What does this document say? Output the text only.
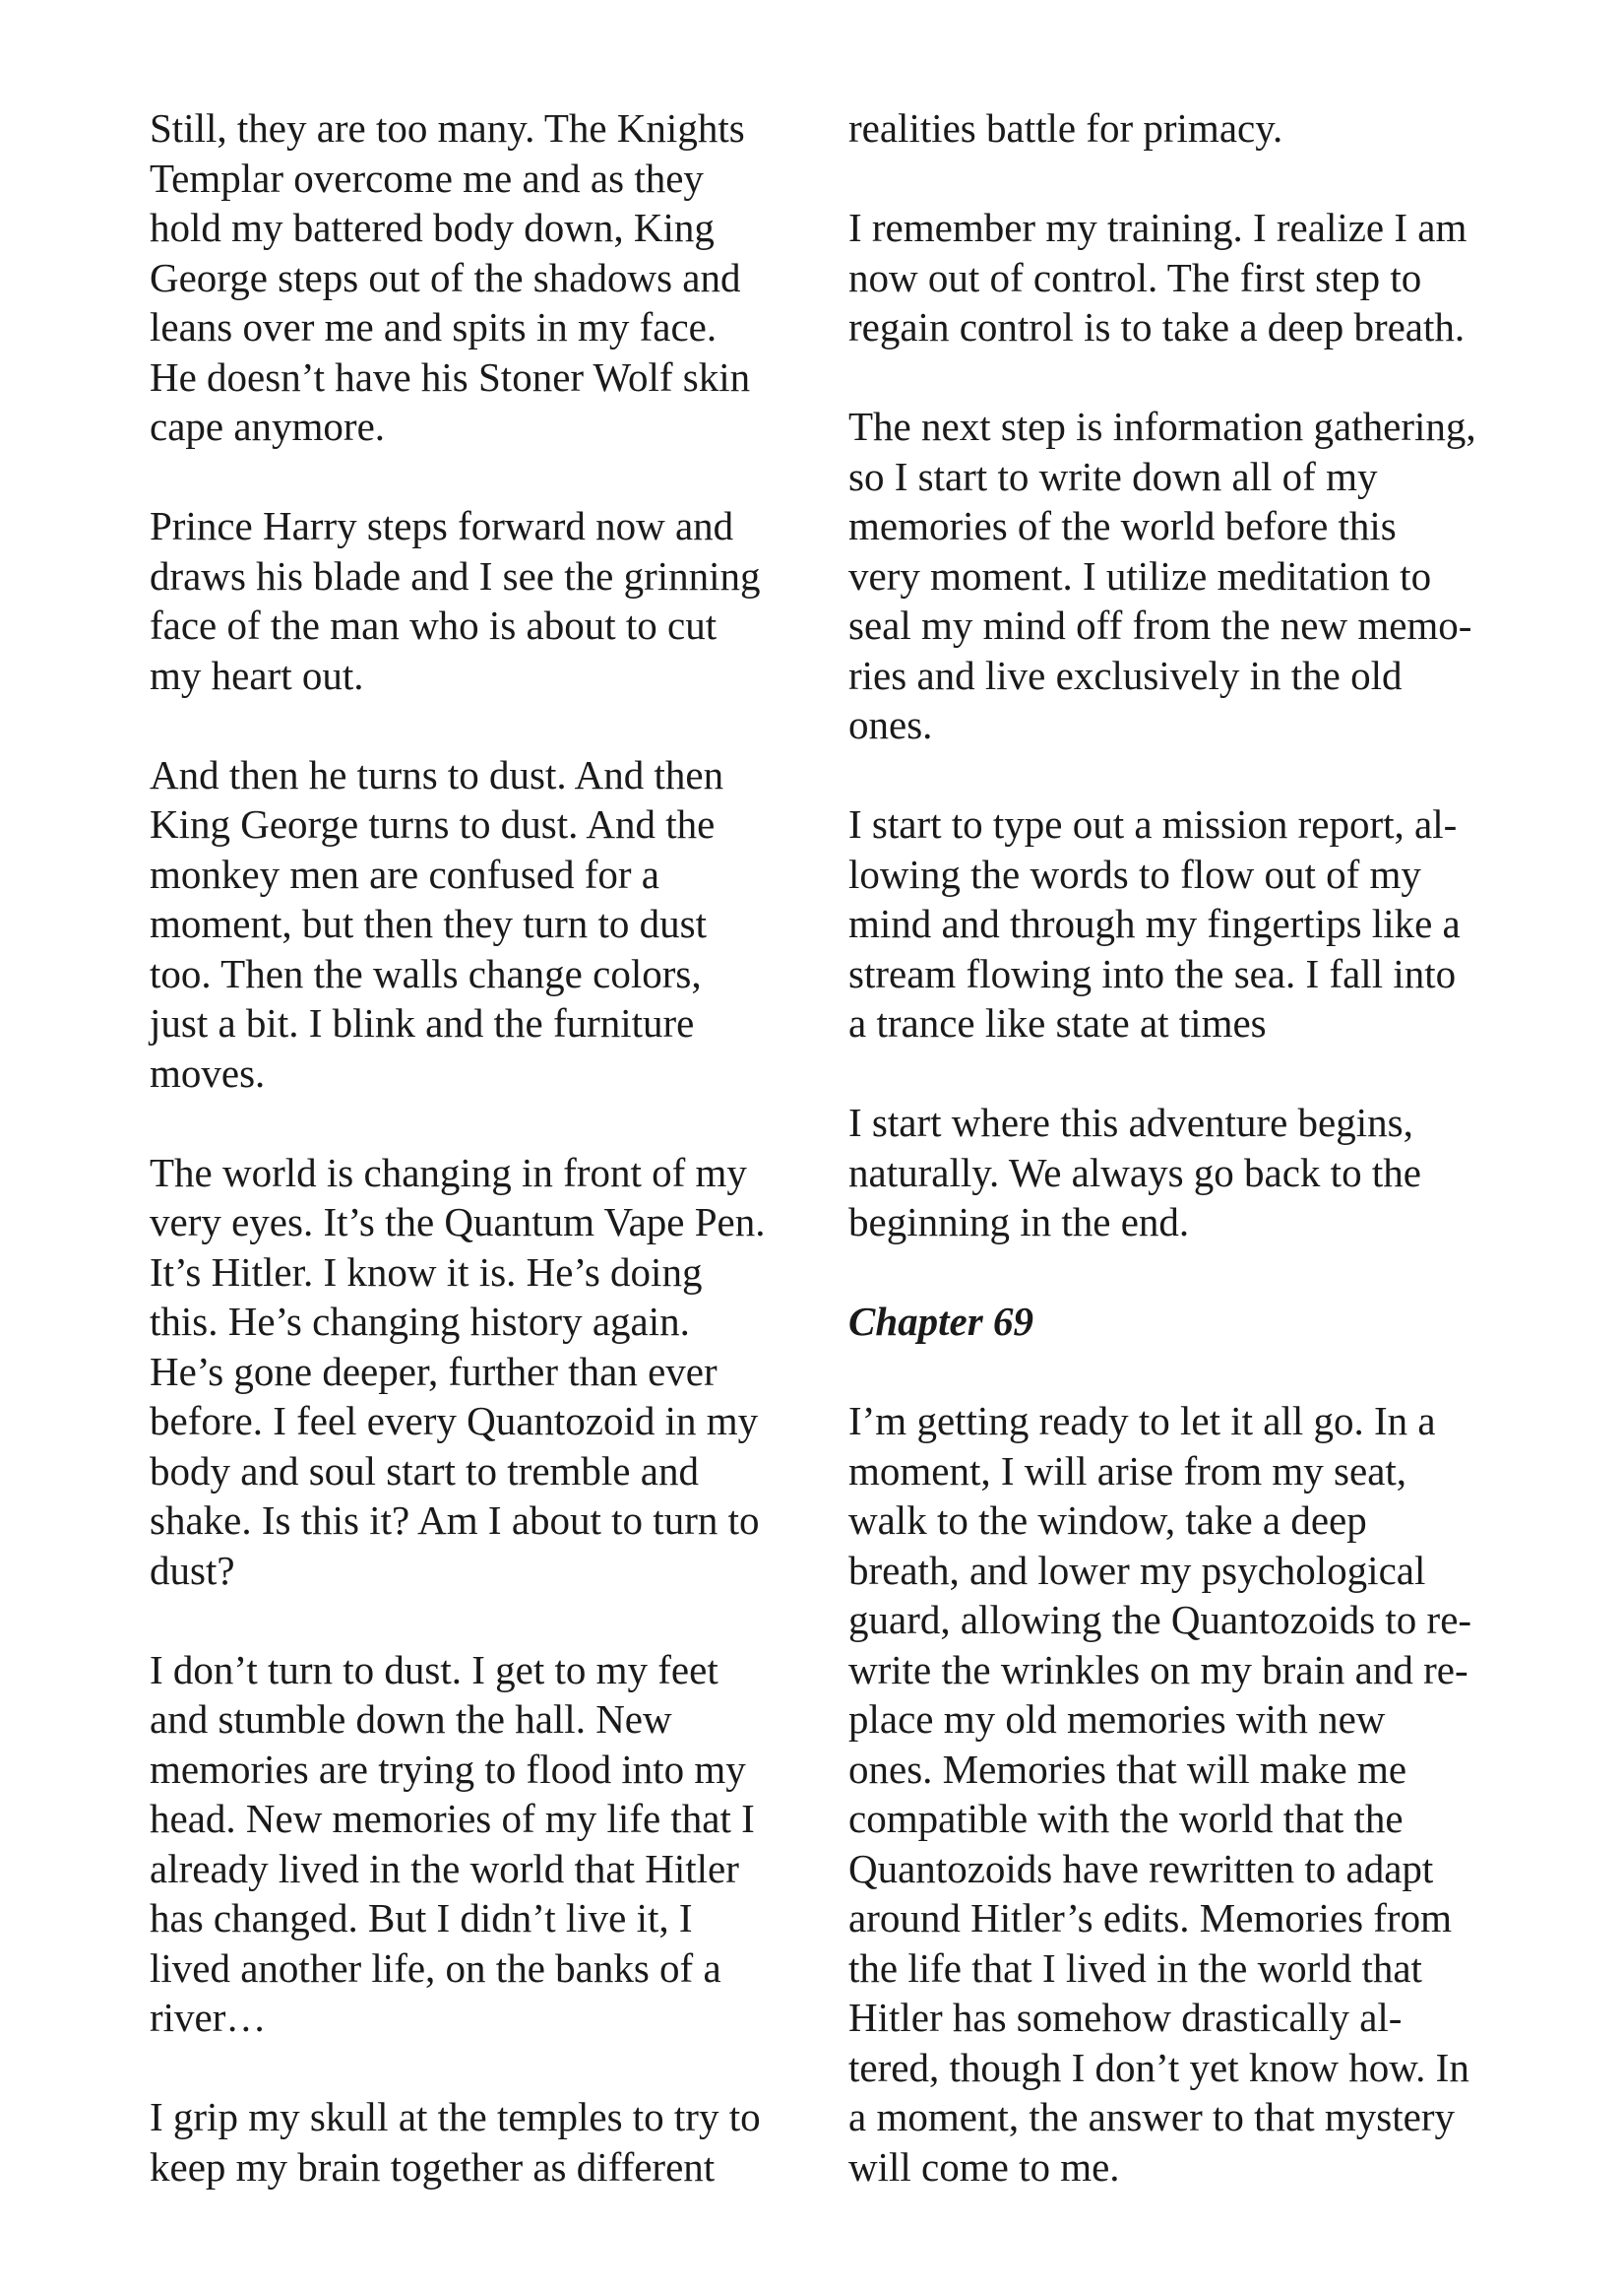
Still, they are too many. The Knights
Templar overcome me and as they
hold my battered body down, King
George steps out of the shadows and
leans over me and spits in my face.
He doesn’t have his Stoner Wolf skin
cape anymore.
Prince Harry steps forward now and
draws his blade and I see the grinning
face of the man who is about to cut
my heart out.
And then he turns to dust. And then
King George turns to dust. And the
monkey men are confused for a
moment, but then they turn to dust
too. Then the walls change colors,
just a bit. I blink and the furniture
moves.
The world is changing in front of my
very eyes. It’s the Quantum Vape Pen.
It’s Hitler. I know it is. He’s doing
this. He’s changing history again.
He’s gone deeper, further than ever
before. I feel every Quantozoid in my
body and soul start to tremble and
shake. Is this it? Am I about to turn to
dust?
I don’t turn to dust. I get to my feet
and stumble down the hall. New
memories are trying to flood into my
head. New memories of my life that I
already lived in the world that Hitler
has changed. But I didn’t live it, I
lived another life, on the banks of a
river…
I grip my skull at the temples to try to
keep my brain together as different
realities battle for primacy.
I remember my training. I realize I am
now out of control. The first step to
regain control is to take a deep breath.
The next step is information gathering,
so I start to write down all of my
memories of the world before this
very moment. I utilize meditation to
seal my mind off from the new memo-
ries and live exclusively in the old
ones.
I start to type out a mission report, al-
lowing the words to flow out of my
mind and through my fingertips like a
stream flowing into the sea. I fall into
a trance like state at times
I start where this adventure begins,
naturally. We always go back to the
beginning in the end.
Chapter 69
I’m getting ready to let it all go. In a
moment, I will arise from my seat,
walk to the window, take a deep
breath, and lower my psychological
guard, allowing the Quantozoids to re-
write the wrinkles on my brain and re-
place my old memories with new
ones. Memories that will make me
compatible with the world that the
Quantozoids have rewritten to adapt
around Hitler’s edits. Memories from
the life that I lived in the world that
Hitler has somehow drastically al-
tered, though I don’t yet know how. In
a moment, the answer to that mystery
will come to me.
